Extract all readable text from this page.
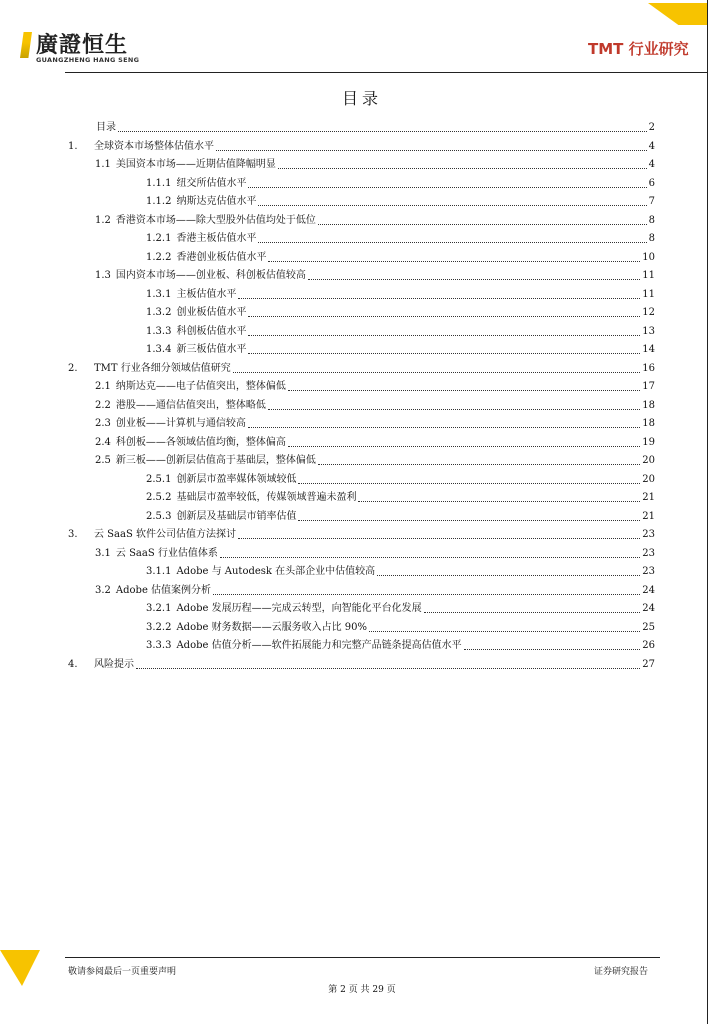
廣證恒生
GUANGZHENG HANG SENG
TMT 行业研究
目录
目录	2
1. 全球资本市场整体估值水平	4
1.1 美国资本市场——近期估值降幅明显	4
1.1.1 纽交所估值水平	6
1.1.2 纳斯达克估值水平	7
1.2 香港资本市场——除大型股外估值均处于低位	8
1.2.1 香港主板估值水平	8
1.2.2 香港创业板估值水平	10
1.3 国内资本市场——创业板、科创板估值较高	11
1.3.1 主板估值水平	11
1.3.2 创业板估值水平	12
1.3.3 科创板估值水平	13
1.3.4 新三板估值水平	14
2. TMT 行业各细分领域估值研究	16
2.1 纳斯达克——电子估值突出，整体偏低	17
2.2 港股——通信估值突出，整体略低	18
2.3 创业板——计算机与通信较高	18
2.4 科创板——各领域估值均衡，整体偏高	19
2.5 新三板——创新层估值高于基础层，整体偏低	20
2.5.1 创新层市盈率媒体领域较低	20
2.5.2 基础层市盈率较低，传媒领域普遍未盈利	21
2.5.3 创新层及基础层市销率估值	21
3. 云 SaaS 软件公司估值方法探讨	23
3.1 云 SaaS 行业估值体系	23
3.1.1 Adobe 与 Autodesk 在头部企业中估值较高	23
3.2 Adobe 估值案例分析	24
3.2.1 Adobe 发展历程——完成云转型，向智能化平台化发展	24
3.2.2 Adobe 财务数据——云服务收入占比 90%	25
3.3.3 Adobe 估值分析——软件拓展能力和完整产品链条提高估值水平	26
4. 风险提示	27
敬请参阅最后一页重要声明	证券研究报告
第 2 页 共 29 页
